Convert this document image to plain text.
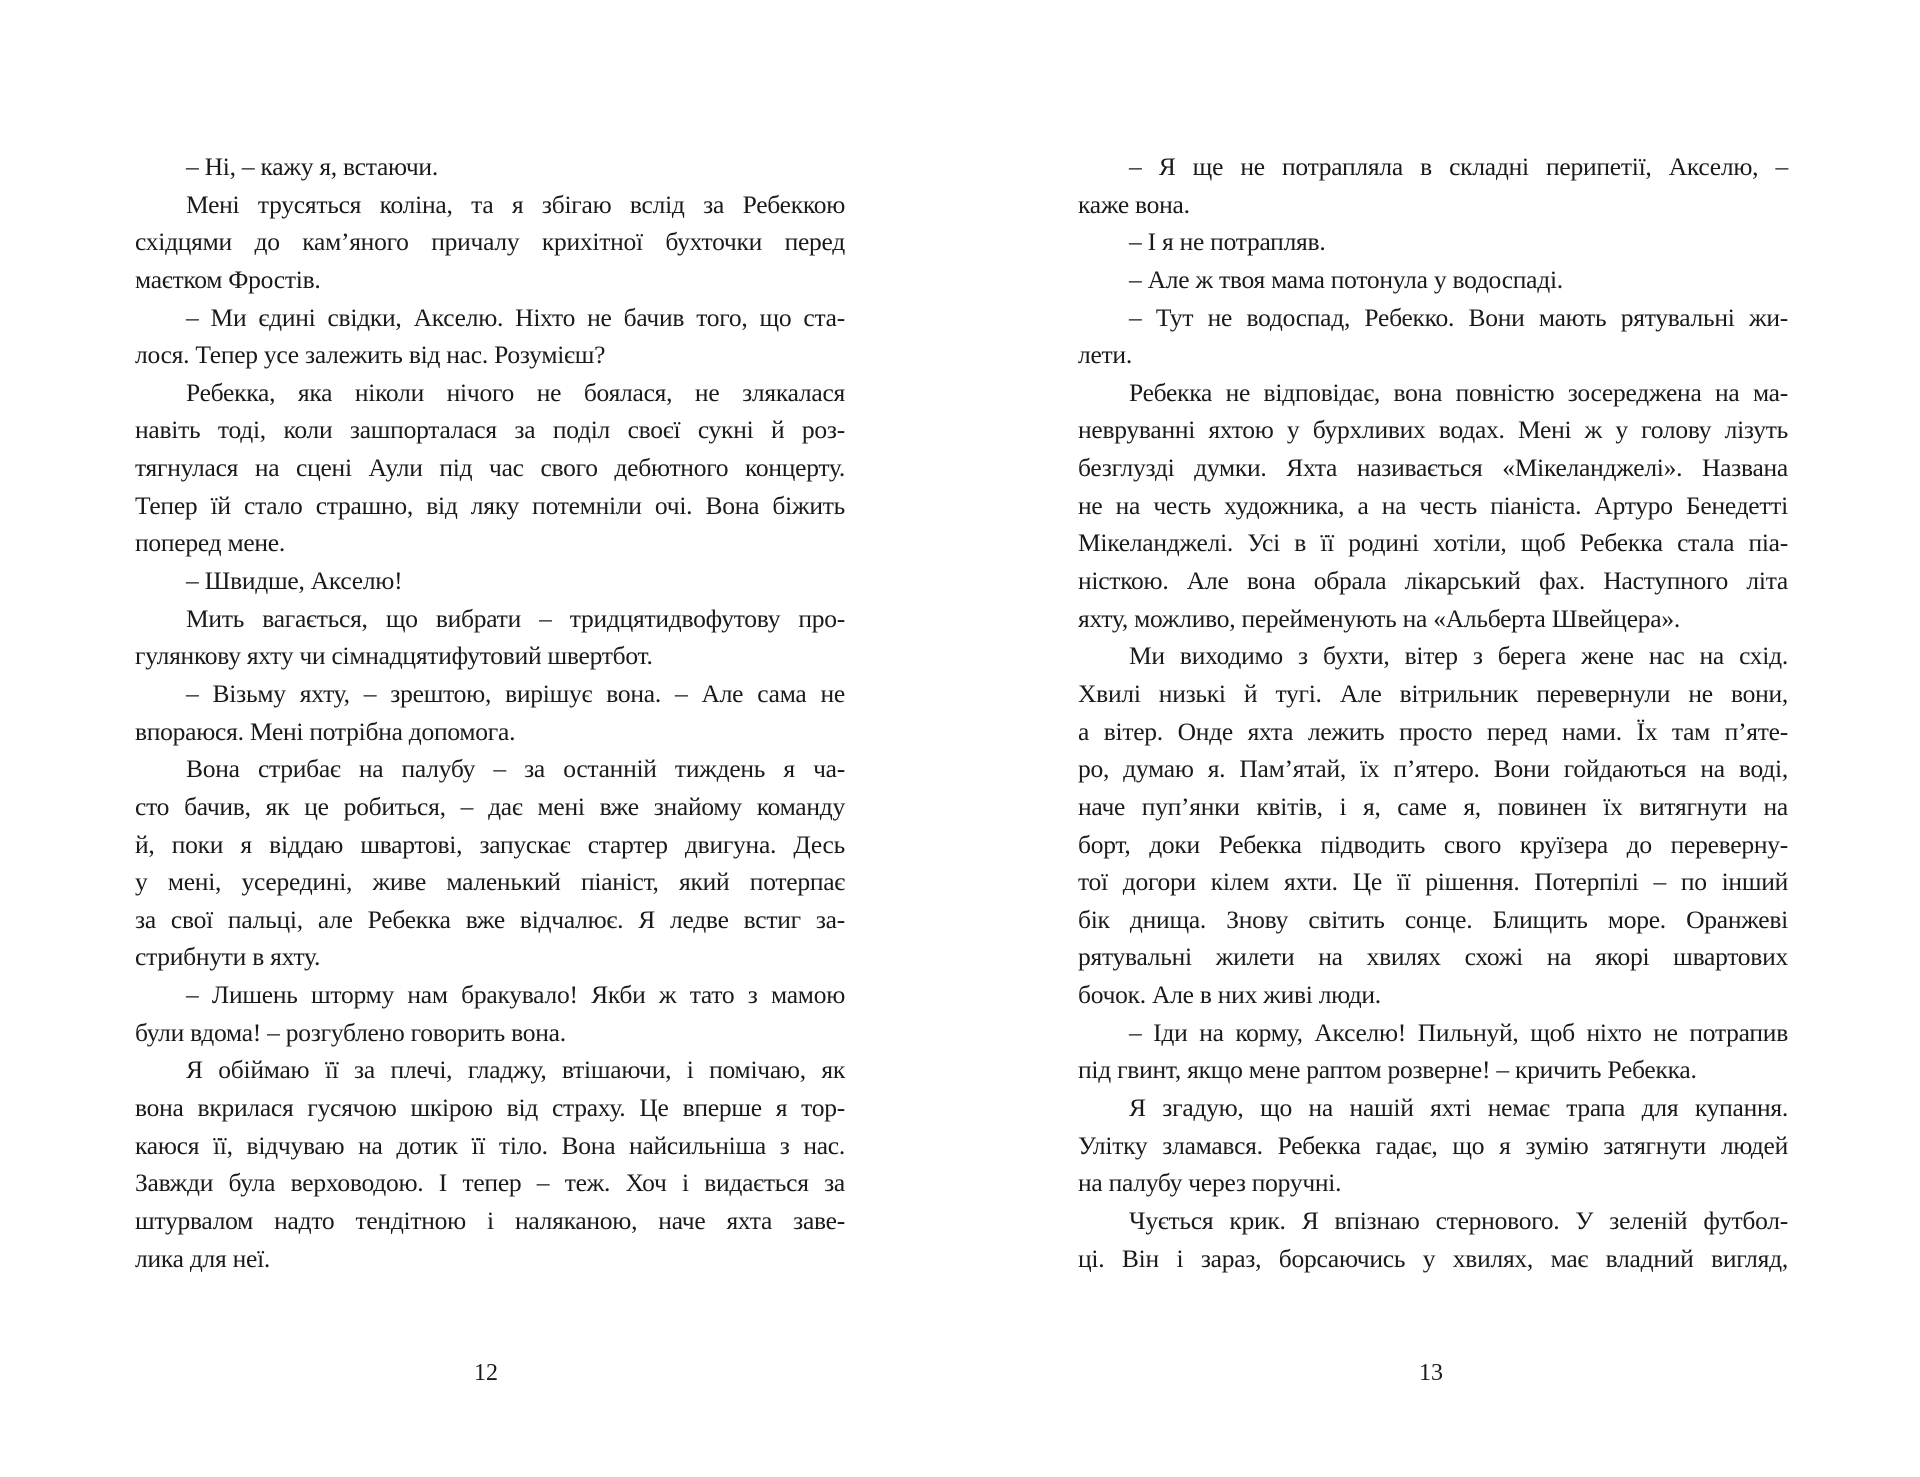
– Ні, – кажу я, встаючи.
Мені трусяться коліна, та я збігаю вслід за Ребеккою
східцями до кам’яного причалу крихітної бухточки перед
маєтком Фростів.
– Ми єдині свідки, Акселю. Ніхто не бачив того, що ста-
лося. Тепер усе залежить від нас. Розумієш?
Ребекка, яка ніколи нічого не боялася, не злякалася
навіть тоді, коли зашпорталася за поділ своєї сукні й роз-
тягнулася на сцені Аули під час свого дебютного концерту.
Тепер їй стало страшно, від ляку потемніли очі. Вона біжить
поперед мене.
– Швидше, Акселю!
Мить вагається, що вибрати – тридцятидвофутову про-
гулянкову яхту чи сімнадцятифутовий швертбот.
– Візьму яхту, – зрештою, вирішує вона. – Але сама не
впораюся. Мені потрібна допомога.
Вона стрибає на палубу – за останній тиждень я ча-
сто бачив, як це робиться, – дає мені вже знайому команду
й, поки я віддаю швартові, запускає стартер двигуна. Десь
у мені, усередині, живе маленький піаніст, який потерпає
за свої пальці, але Ребекка вже відчалює. Я ледве встиг за-
стрибнути в яхту.
– Лишень шторму нам бракувало! Якби ж тато з мамою
були вдома! – розгублено говорить вона.
Я обіймаю її за плечі, гладжу, втішаючи, і помічаю, як
вона вкрилася гусячою шкірою від страху. Це вперше я тор-
каюся її, відчуваю на дотик її тіло. Вона найсильніша з нас.
Завжди була верховодою. І тепер – теж. Хоч і видається за
штурвалом надто тендітною і наляканою, наче яхта заве-
лика для неї.
– Я ще не потрапляла в складні перипетії, Акселю, –
каже вона.
– І я не потрапляв.
– Але ж твоя мама потонула у водоспаді.
– Тут не водоспад, Ребекко. Вони мають рятувальні жи-
лети.
Ребекка не відповідає, вона повністю зосереджена на ма-
невруванні яхтою у бурхливих водах. Мені ж у голову лізуть
безглузді думки. Яхта називається «Мікеланджелі». Названа
не на честь художника, а на честь піаніста. Артуро Бенедетті
Мікеланджелі. Усі в її родині хотіли, щоб Ребекка стала піа-
ністкою. Але вона обрала лікарський фах. Наступного літа
яхту, можливо, перейменують на «Альберта Швейцера».
Ми виходимо з бухти, вітер з берега жене нас на схід.
Хвилі низькі й тугі. Але вітрильник перевернули не вони,
а вітер. Онде яхта лежить просто перед нами. Їх там п’яте-
ро, думаю я. Пам’ятай, їх п’ятеро. Вони гойдаються на воді,
наче пуп’янки квітів, і я, саме я, повинен їх витягнути на
борт, доки Ребекка підводить свого круїзера до переверну-
тої догори кілем яхти. Це її рішення. Потерпілі – по інший
бік днища. Знову світить сонце. Блищить море. Оранжеві
рятувальні жилети на хвилях схожі на якорі швартових
бочок. Але в них живі люди.
– Іди на корму, Акселю! Пильнуй, щоб ніхто не потрапив
під гвинт, якщо мене раптом розверне! – кричить Ребекка.
Я згадую, що на нашій яхті немає трапа для купання.
Улітку зламався. Ребекка гадає, що я зумію затягнути людей
на палубу через поручні.
Чується крик. Я впізнаю стернового. У зеленій футбол-
ці. Він і зараз, борсаючись у хвилях, має владний вигляд,
12	13
